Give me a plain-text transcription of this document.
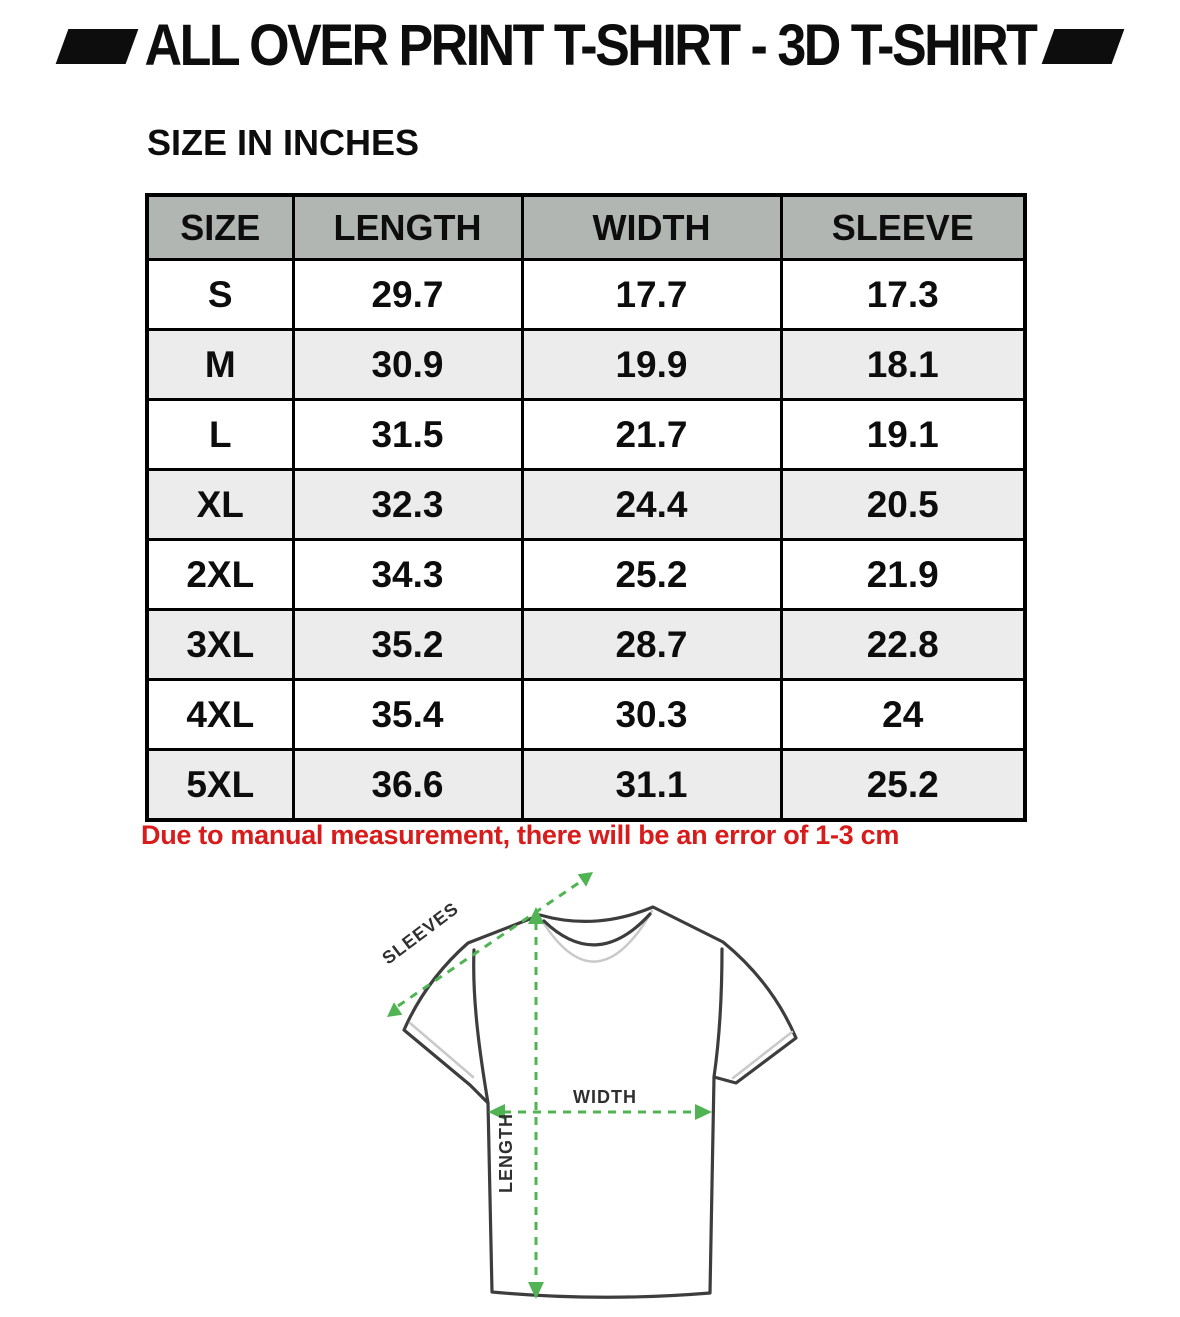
ALL OVER PRINT T-SHIRT - 3D T-SHIRT
SIZE IN INCHES
SIZE	LENGTH	WIDTH	SLEEVE
S	29.7	17.7	17.3
M	30.9	19.9	18.1
L	31.5	21.7	19.1
XL	32.3	24.4	20.5
2XL	34.3	25.2	21.9
3XL	35.2	28.7	22.8
4XL	35.4	30.3	24
5XL	36.6	31.1	25.2
Due to manual measurement, there will be an error of 1-3 cm
WIDTH
LENGTH
SLEEVES
